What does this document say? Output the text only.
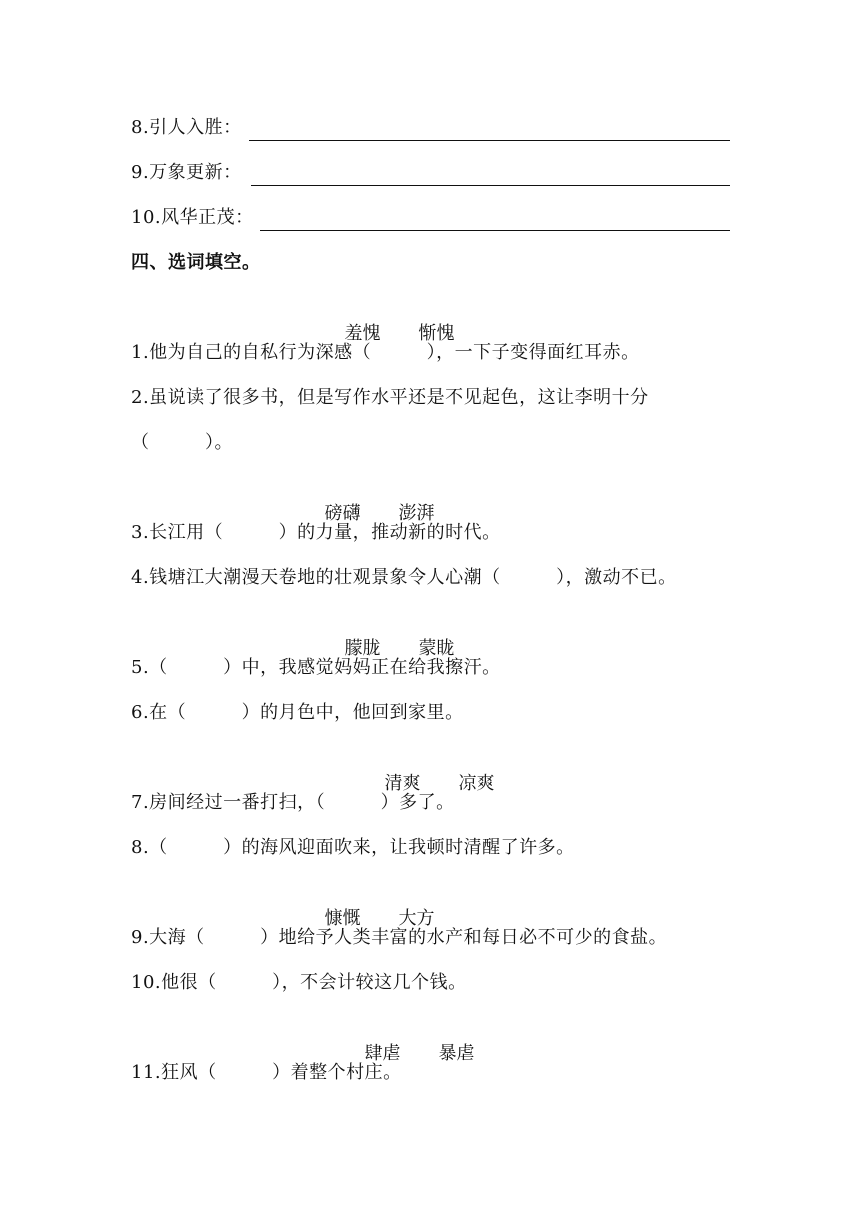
8.引人入胜：
9.万象更新：
10.风华正茂：
四、选词填空。

羞愧 惭愧

1.他为自己的自私行为深感（　　　），一下子变得面红耳赤。
2.虽说读了很多书，但是写作水平还是不见起色，这让李明十分
（　　　）。

磅礴 澎湃

3.长江用（　　　）的力量，推动新的时代。
4.钱塘江大潮漫天卷地的壮观景象令人心潮（　　　），激动不已。

朦胧 蒙眬

5.（　　　）中，我感觉妈妈正在给我擦汗。
6.在（　　　）的月色中，他回到家里。

清爽 凉爽

7.房间经过一番打扫，（　　　）多了。
8.（　　　）的海风迎面吹来，让我顿时清醒了许多。

慷慨 大方

9.大海（　　　）地给予人类丰富的水产和每日必不可少的食盐。
10.他很（　　　），不会计较这几个钱。

肆虐 暴虐

11.狂风（　　　）着整个村庄。
